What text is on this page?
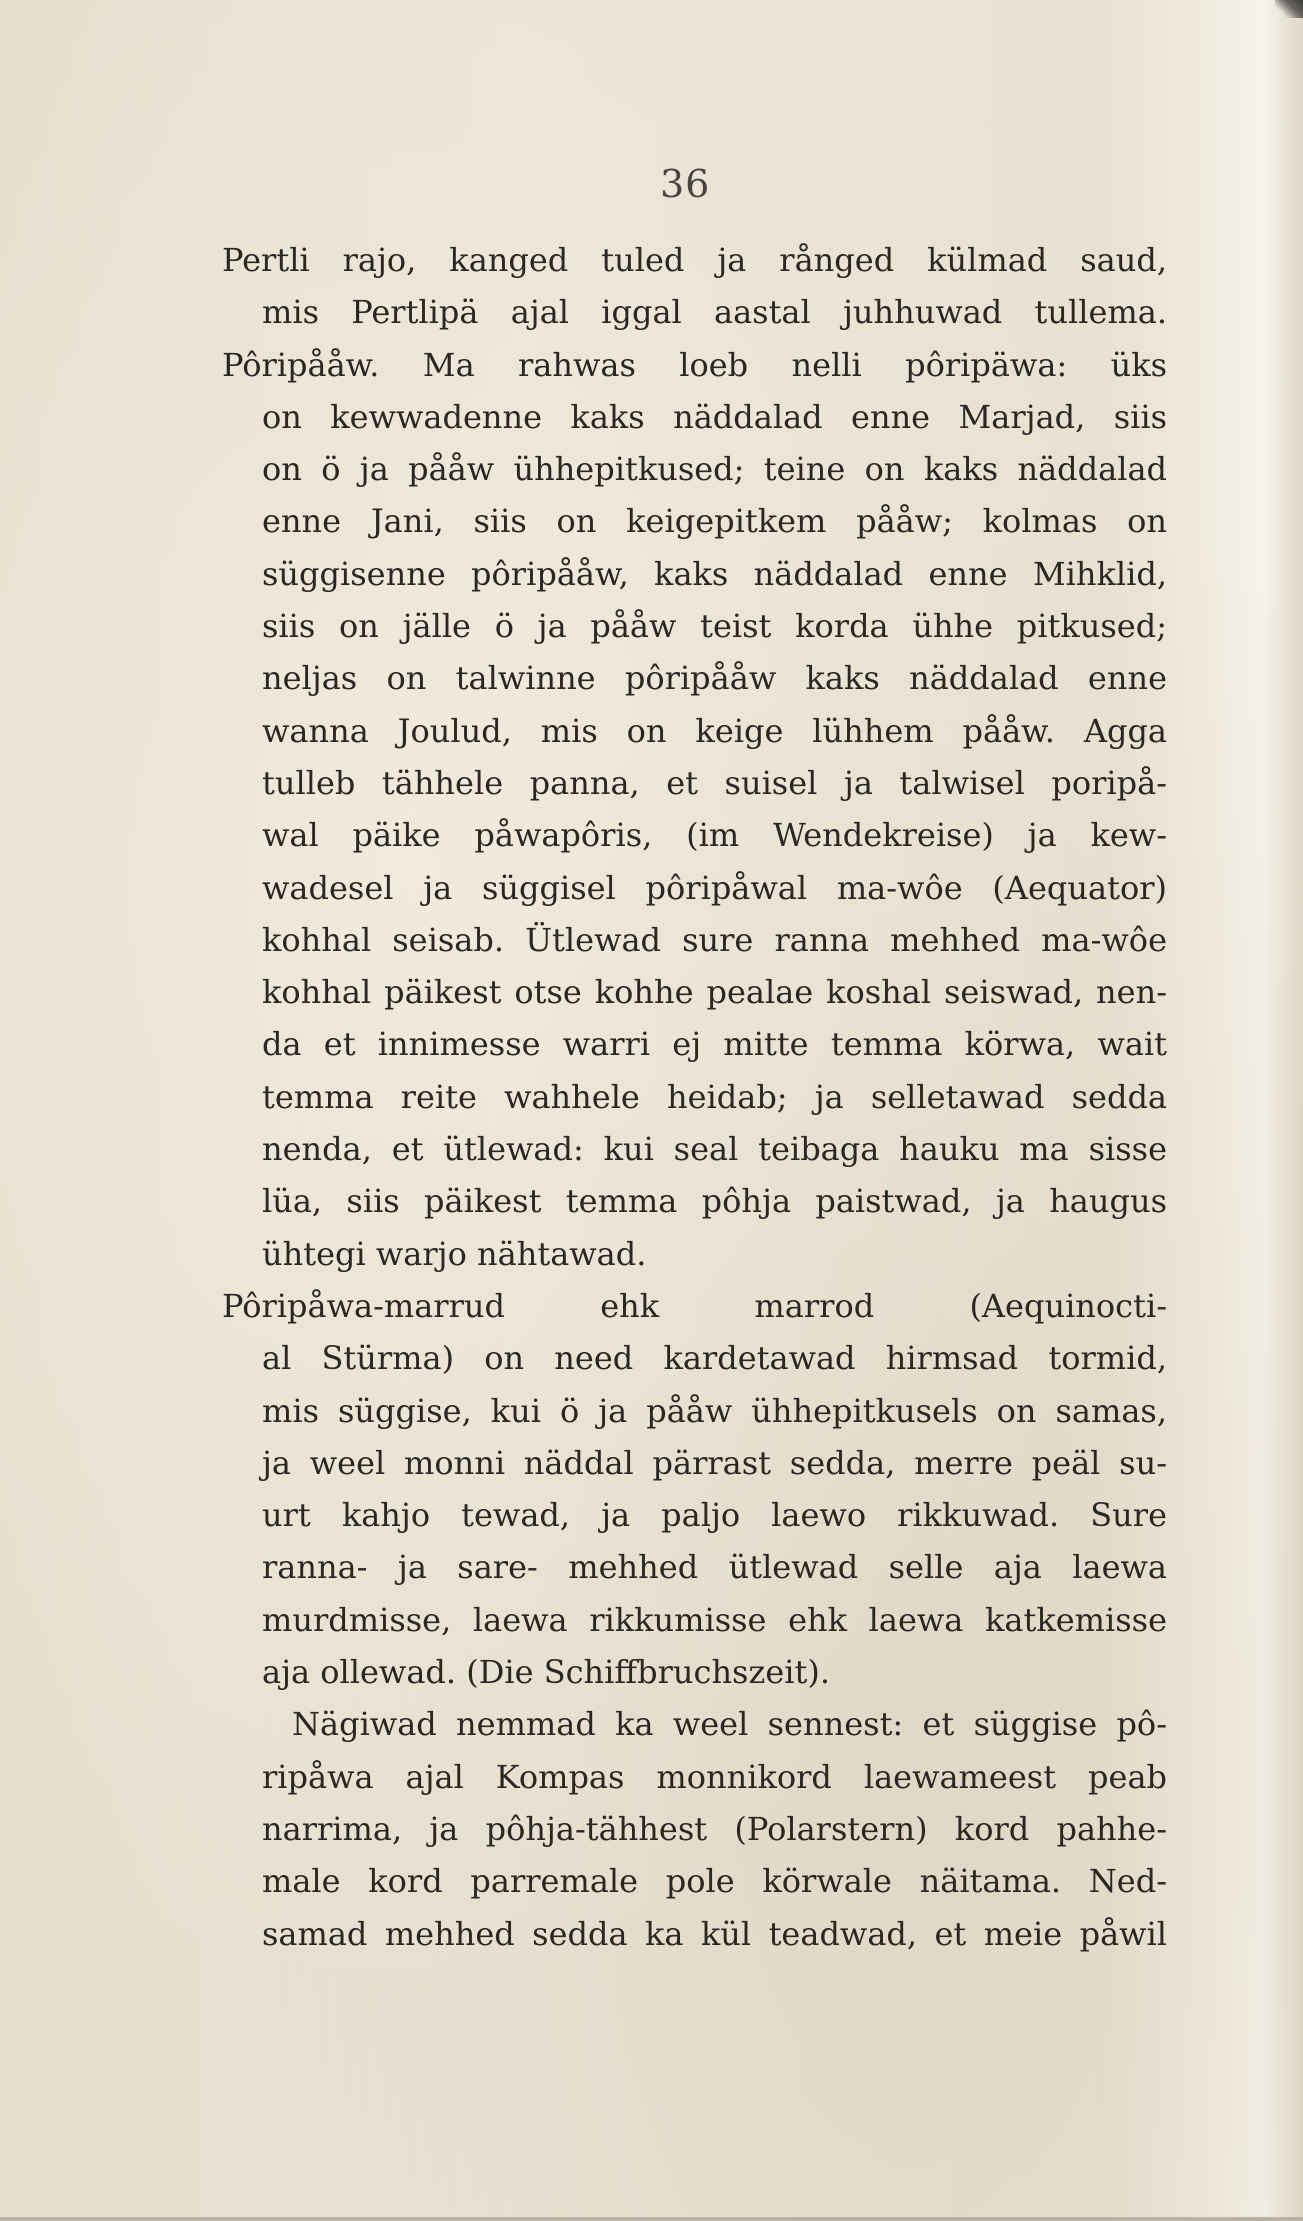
36
Pertli rajo, kanged tuled ja rånged külmad saud,
mis Pertlipä ajal iggal aastal juhhuwad tullema.
Pôripååw. Ma rahwas loeb nelli pôripäwa: üks
on kewwadenne kaks näddalad enne Marjad, siis
on ö ja pååw ühhepitkused; teine on kaks näddalad
enne Jani, siis on keigepitkem pååw; kolmas on
süggisenne pôripååw, kaks näddalad enne Mihklid,
siis on jälle ö ja pååw teist korda ühhe pitkused;
neljas on talwinne pôripååw kaks näddalad enne
wanna Joulud, mis on keige lühhem pååw. Agga
tulleb tähhele panna, et suisel ja talwisel poripå-
wal päike påwapôris, (im Wendekreise) ja kew-
wadesel ja süggisel pôripåwal ma-wôe (Aequator)
kohhal seisab. Ütlewad sure ranna mehhed ma-wôe
kohhal päikest otse kohhe pealae koshal seiswad, nen-
da et innimesse warri ej mitte temma körwa, wait
temma reite wahhele heidab; ja selletawad sedda
nenda, et ütlewad: kui seal teibaga hauku ma sisse
lüa, siis päikest temma pôhja paistwad, ja haugus
ühtegi warjo nähtawad.
Pôripåwa-marrud ehk marrod (Aequinocti-
al Stürma) on need kardetawad hirmsad tormid,
mis süggise, kui ö ja pååw ühhepitkusels on samas,
ja weel monni näddal pärrast sedda, merre peäl su-
urt kahjo tewad, ja paljo laewo rikkuwad. Sure
ranna- ja sare- mehhed ütlewad selle aja laewa
murdmisse, laewa rikkumisse ehk laewa katkemisse
aja ollewad. (Die Schiffbruchszeit).
Nägiwad nemmad ka weel sennest: et süggise pô-
ripåwa ajal Kompas monnikord laewameest peab
narrima, ja pôhja-tähhest (Polarstern) kord pahhe-
male kord parremale pole körwale näitama. Ned-
samad mehhed sedda ka kül teadwad, et meie påwil
